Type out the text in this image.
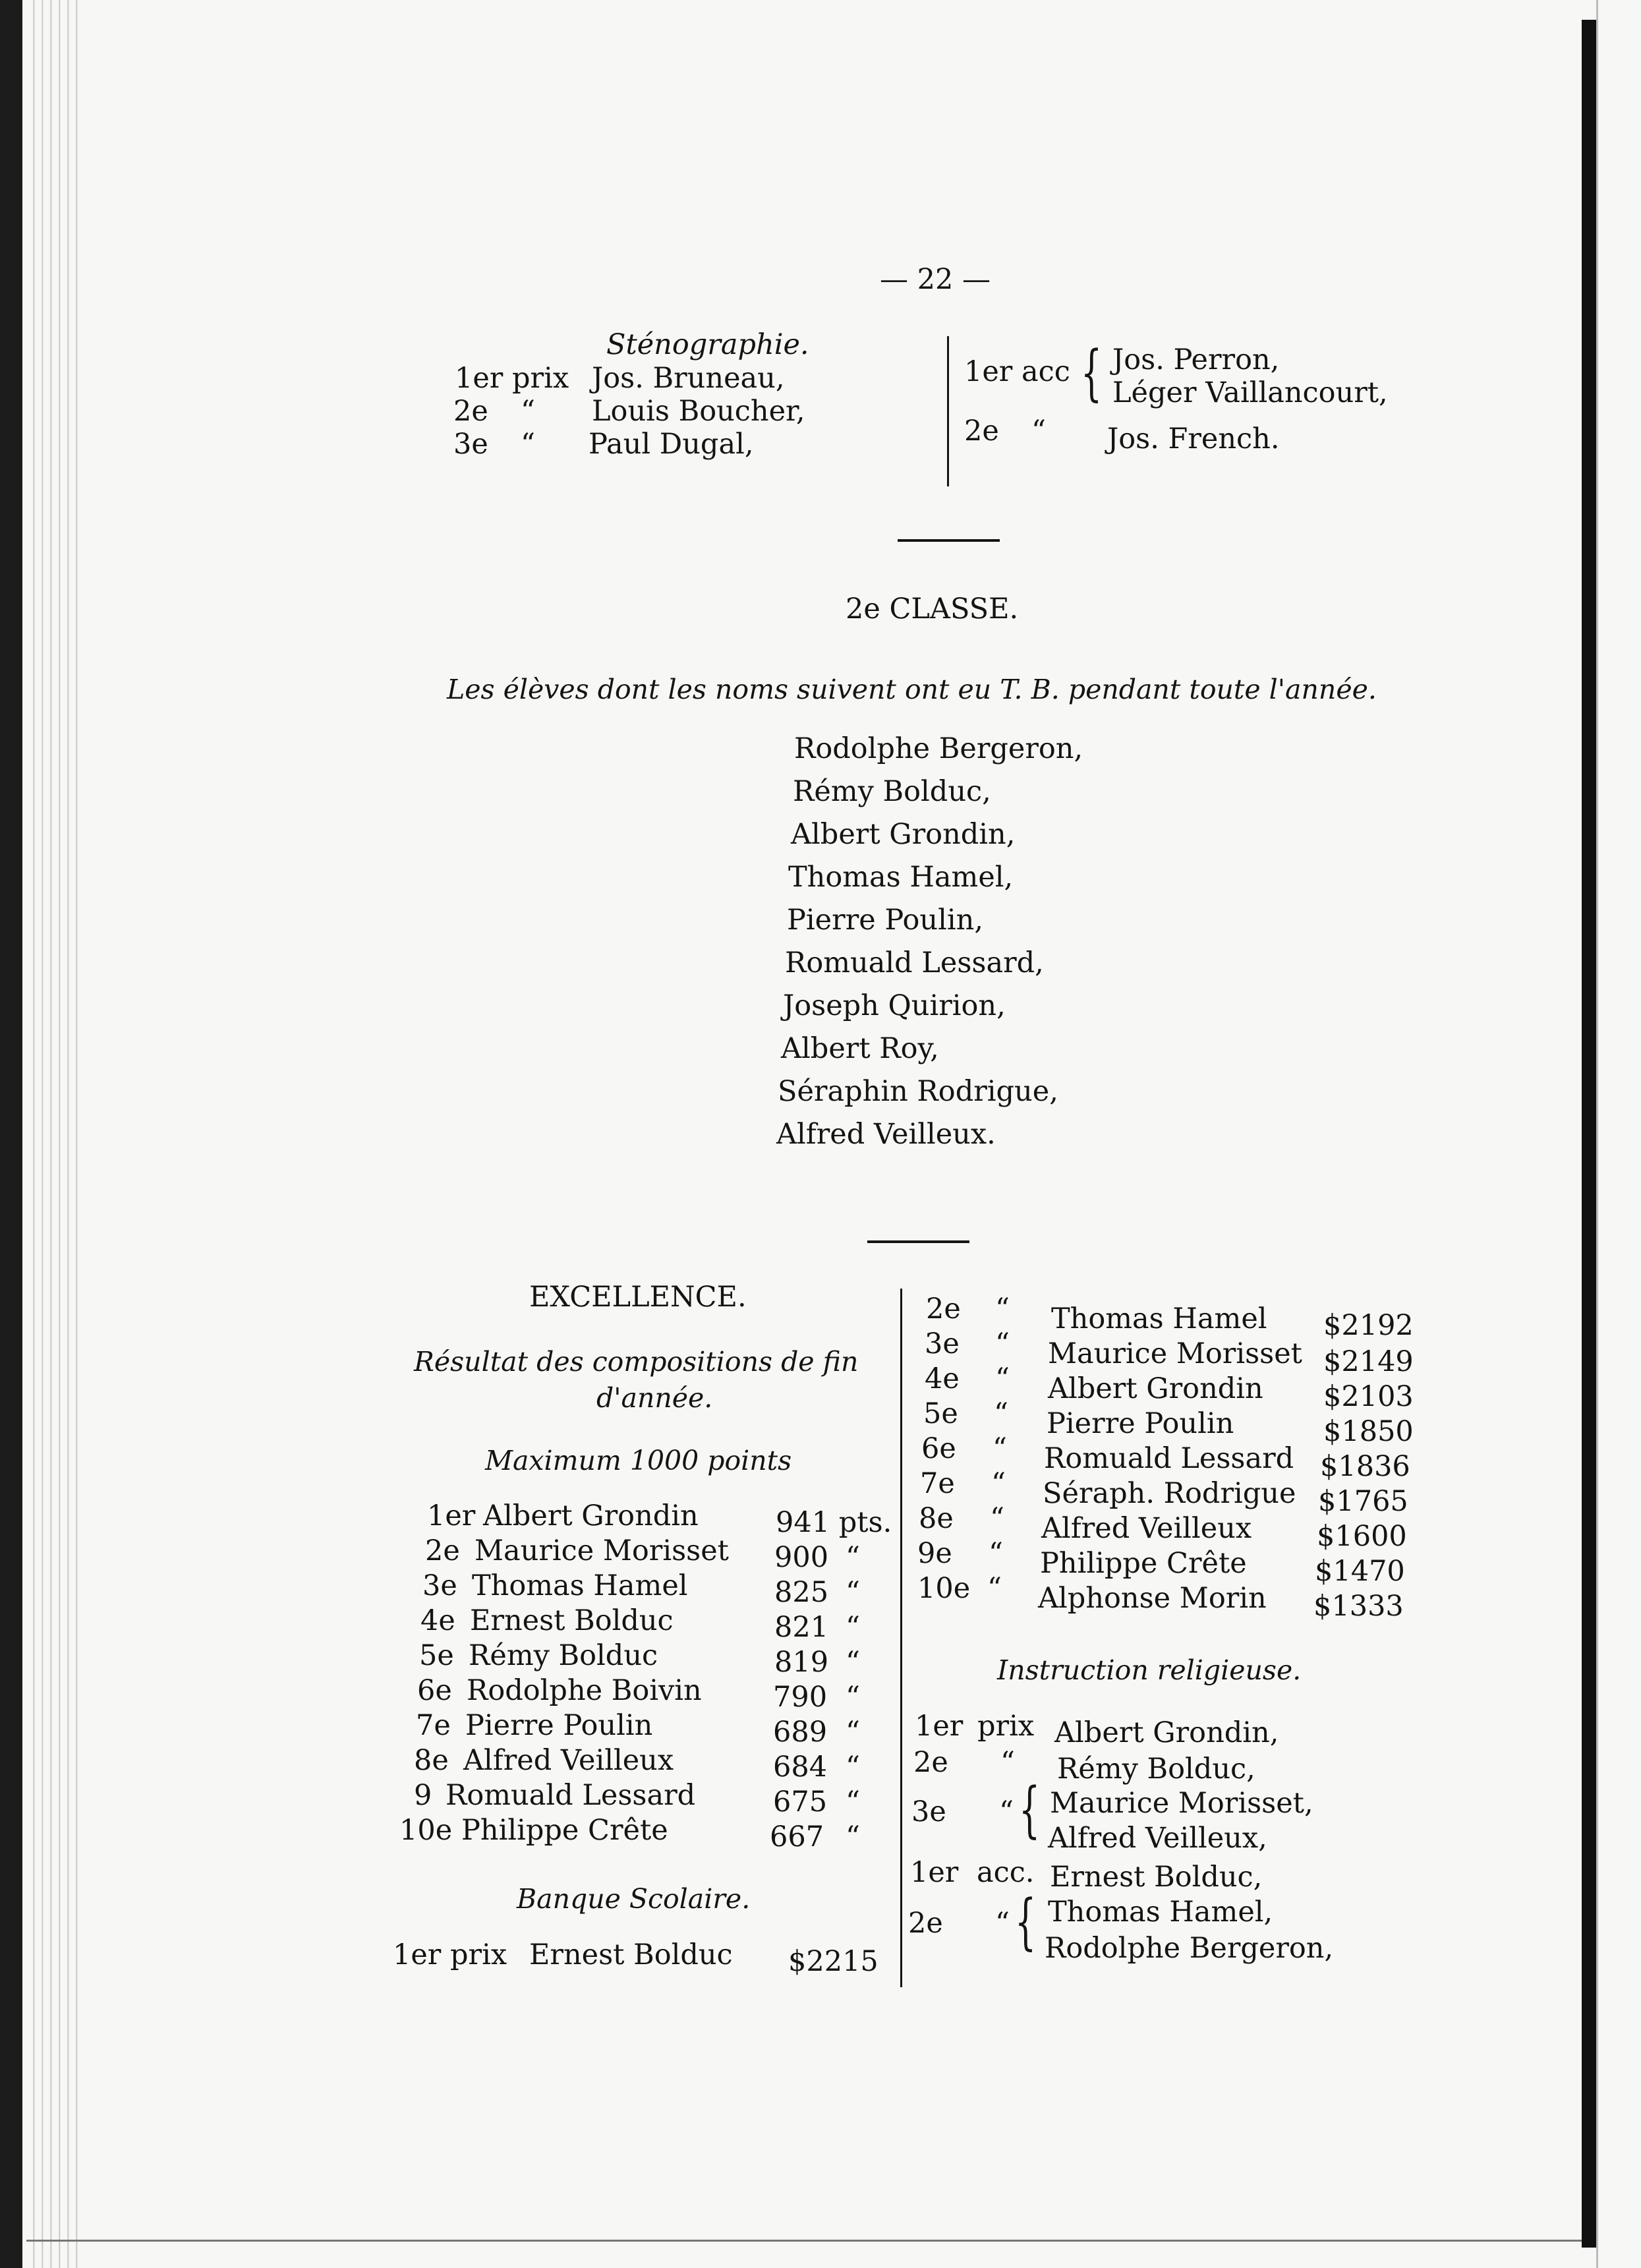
— 22 —
Sténographie.
1er prix Jos. Bruneau,
2e “ Louis Boucher,
3e “ Paul Dugal,
1er acc { Jos. Perron,
Léger Vaillancourt,
2e “ Jos. French.
2e CLASSE.
Les élèves dont les noms suivent ont eu T. B. pendant toute l'année.
Rodolphe Bergeron,
Rémy Bolduc,
Albert Grondin,
Thomas Hamel,
Pierre Poulin,
Romuald Lessard,
Joseph Quirion,
Albert Roy,
Séraphin Rodrigue,
Alfred Veilleux.
EXCELLENCE.
Résultat des compositions de fin
d'année.
Maximum 1000 points
1er Albert Grondin	941 pts.
2e Maurice Morisset 900 “
3e Thomas Hamel	825 “
4e Ernest Bolduc	821 “
5e Rémy Bolduc	819 “
6e Rodolphe Boivin	790 “
7e Pierre Poulin	689 “
8e Alfred Veilleux	684 “
9 Romuald Lessard	675 “
10e Philippe Crête	667 “
Banque Scolaire.
1er prix Ernest Bolduc $2215
2e “ Thomas Hamel $2192
3e “ Maurice Morisset $2149
4e “ Albert Grondin $2103
5e “ Pierre Poulin	$1850
6e “ Romuald Lessard $1836
7e “ Séraph. Rodrigue $1765
8e “ Alfred Veilleux $1600
9e “ Philippe Crête $1470
10e “ Alphonse Morin $1333
Instruction religieuse.
1er prix Albert Grondin,
2e “ Rémy Bolduc,
3e “ { Maurice Morisset,
Alfred Veilleux,
1er acc. Ernest Bolduc,
2e “ { Thomas Hamel,
Rodolphe Bergeron,
